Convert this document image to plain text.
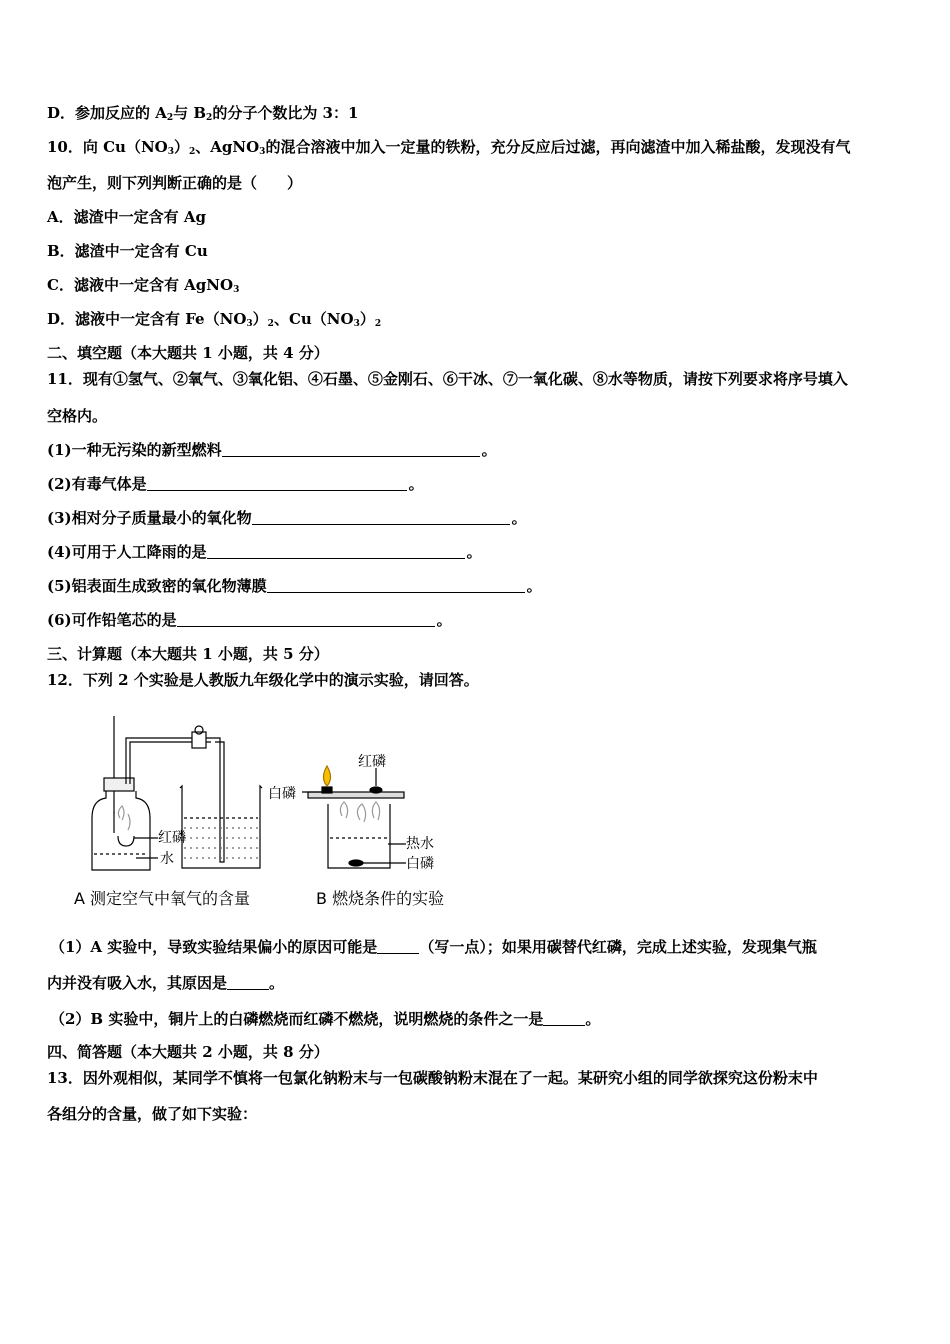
D．参加反应的 $A_2$与 $B_2$的分子个数比为 3：1
10．向 $Cu(NO_3)_2$、AgNO$_3$的混合溶液中加入一定量的铁粉，充分反应后过滤，再向滤渣中加入稀盐酸，发现没有气
泡产生，则下列判断正确的是（　　）
A．滤渣中一定含有 Ag
B．滤渣中一定含有 Cu
C．滤液中一定含有 AgNO$_3$
D．滤液中一定含有 $Fe(NO_3)_2$、$Cu(NO_3)_2$
二、填空题（本大题共 1 小题，共 4 分）
11．现有①氢气、②氧气、③氧化铝、④石墨、⑤金刚石、⑥干冰、⑦一氧化碳、⑧水等物质，请按下列要求将序号填入
空格内。
(1)一种无污染的新型燃料	。
(2)有毒气体是	。
(3)相对分子质量最小的氧化物	。
(4)可用于人工降雨的是	。
(5)铝表面生成致密的氧化物薄膜	。
(6)可作铅笔芯的是	。
三、计算题（本大题共 1 小题，共 5 分）
12．下列 2 个实验是人教版九年级化学中的演示实验，请回答。
红磷
水
A 测定空气中氧气的含量
红磷
白磷
热水
白磷
B 燃烧条件的实验
（1）A 实验中，导致实验结果偏小的原因可能是	（写一点）；如果用碳替代红磷，完成上述实验，发现集气瓶
内并没有吸入水，其原因是	。
（2）B 实验中，铜片上的白磷燃烧而红磷不燃烧，说明燃烧的条件之一是	。
四、简答题（本大题共 2 小题，共 8 分）
13．因外观相似，某同学不慎将一包氯化钠粉末与一包碳酸钠粉末混在了一起。某研究小组的同学欲探究这份粉末中
各组分的含量，做了如下实验：
